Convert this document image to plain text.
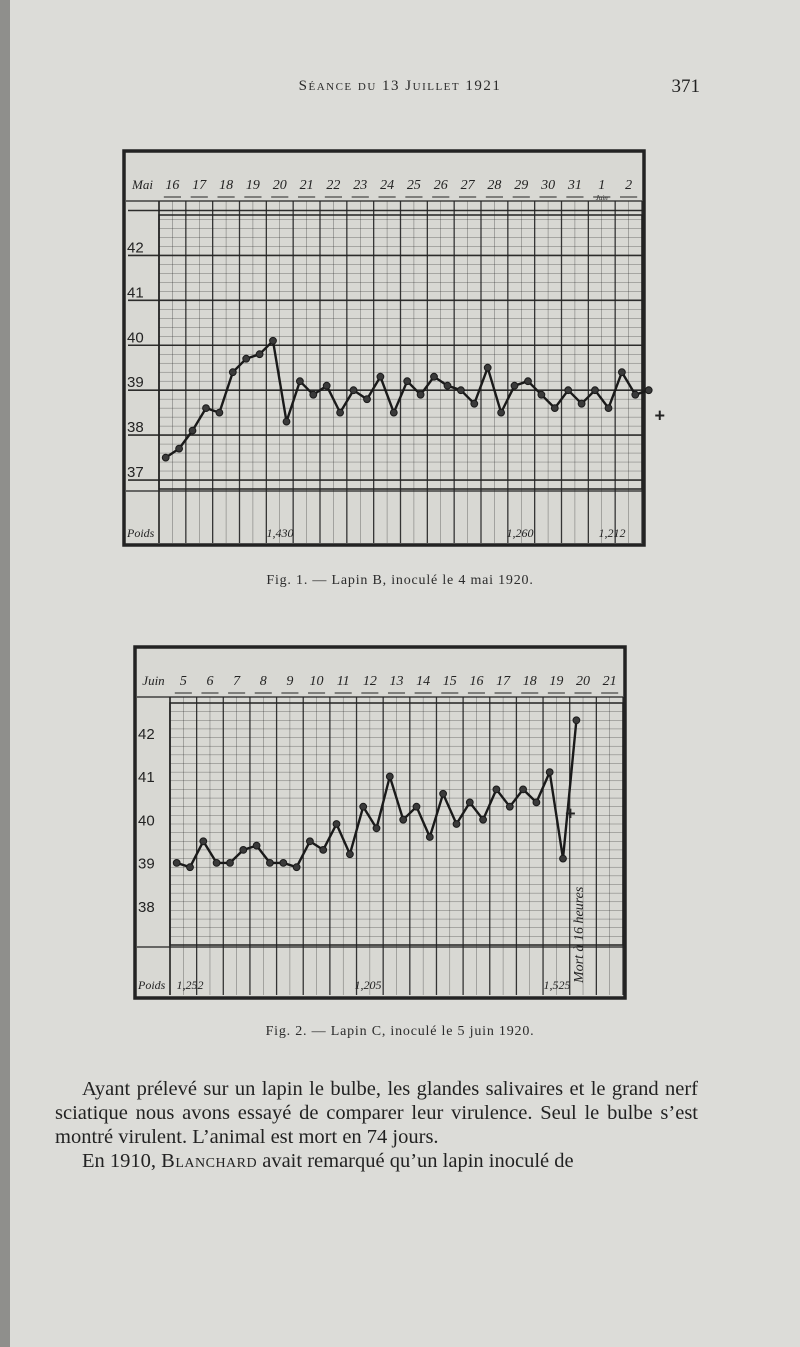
Séance du 13 Juillet 1921	371
Mai 16 17 18 19 20 21 22 23 24 25 26 27 28 29 30 31 1 2
Juin
37
38
39
40
41
42
Poids	1,430	1,260	1,212
+
Fig. 1. — Lapin B, inoculé le 4 mai 1920.
Juin 5 6 7 8 9 10 11 12 13 14 15 16 17 18 19 20 21
38
39
40
41
42
Poids 1,252	1,205	1,525
+
Mort à 16 heures
Fig. 2. — Lapin C, inoculé le 5 juin 1920.

Ayant prélevé sur un lapin le bulbe, les glandes salivaires et le grand nerf sciatique nous avons essayé de comparer leur virulence. Seul le bulbe s’est montré virulent. L’animal est mort en 74 jours.

En 1910, Blanchard avait remarqué qu’un lapin inoculé de
